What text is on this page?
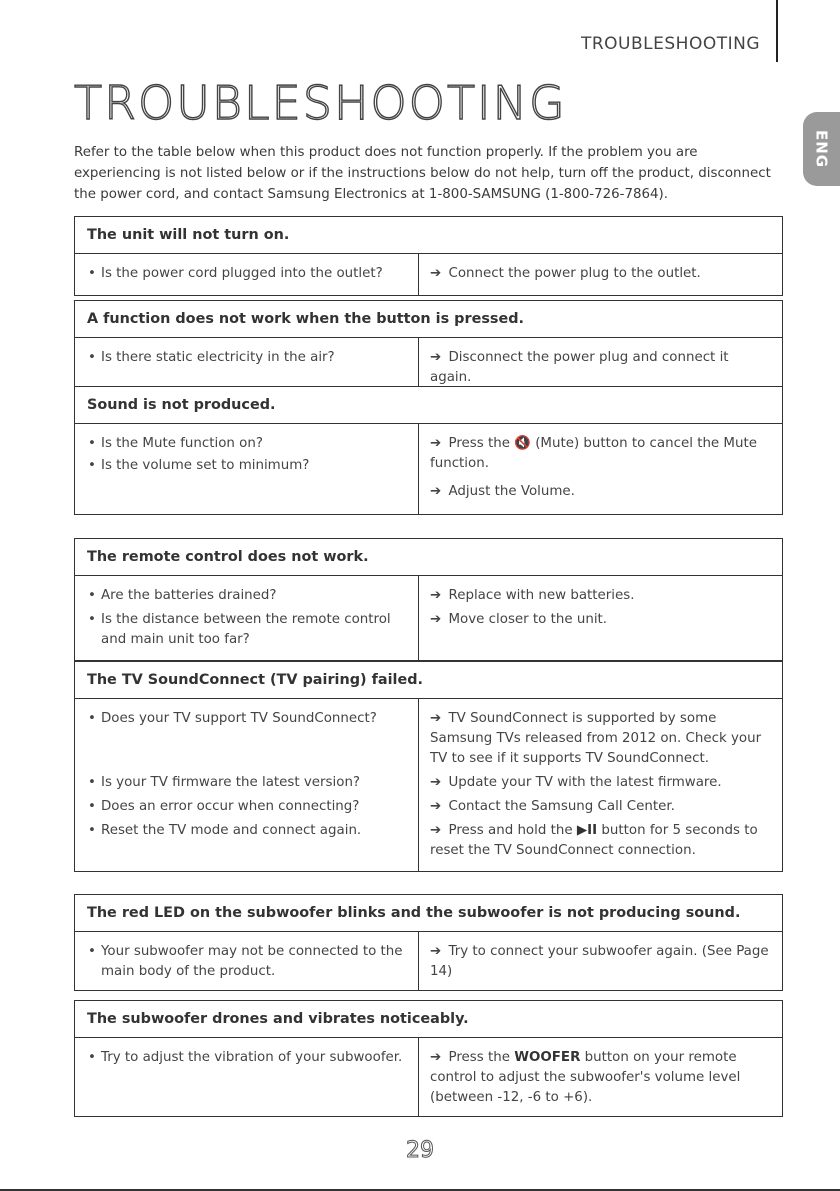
TROUBLESHOOTING
TROUBLESHOOTING
ENG
Refer to the table below when this product does not function properly. If the problem you are experiencing is not listed below or if the instructions below do not help, turn off the product, disconnect the power cord, and contact Samsung Electronics at 1-800-SAMSUNG (1-800-726-7864).
The unit will not turn on.
• Is the power cord plugged into the outlet?	➔ Connect the power plug to the outlet.
A function does not work when the button is pressed.
• Is there static electricity in the air?	➔ Disconnect the power plug and connect it again.
Sound is not produced.
• Is the Mute function on?	➔ Press the 🔇 (Mute) button to cancel the Mute function.
• Is the volume set to minimum?
➔ Adjust the Volume.
The remote control does not work.
• Are the batteries drained?	➔ Replace with new batteries.
• Is the distance between the remote control and main unit too far?
➔ Move closer to the unit.
The TV SoundConnect (TV pairing) failed.
• Does your TV support TV SoundConnect?	➔ TV SoundConnect is supported by some Samsung TVs released from 2012 on. Check your TV to see if it supports TV SoundConnect.
• Is your TV firmware the latest version?	➔ Update your TV with the latest firmware.
• Does an error occur when connecting?	➔ Contact the Samsung Call Center.
• Reset the TV mode and connect again.	➔ Press and hold the ▶II button for 5 seconds to reset the TV SoundConnect connection.
The red LED on the subwoofer blinks and the subwoofer is not producing sound.
• Your subwoofer may not be connected to the main body of the product.
➔ Try to connect your subwoofer again. (See Page 14)
The subwoofer drones and vibrates noticeably.
• Try to adjust the vibration of your subwoofer.	➔ Press the WOOFER button on your remote control to adjust the subwoofer's volume level (between -12, -6 to +6).
29
